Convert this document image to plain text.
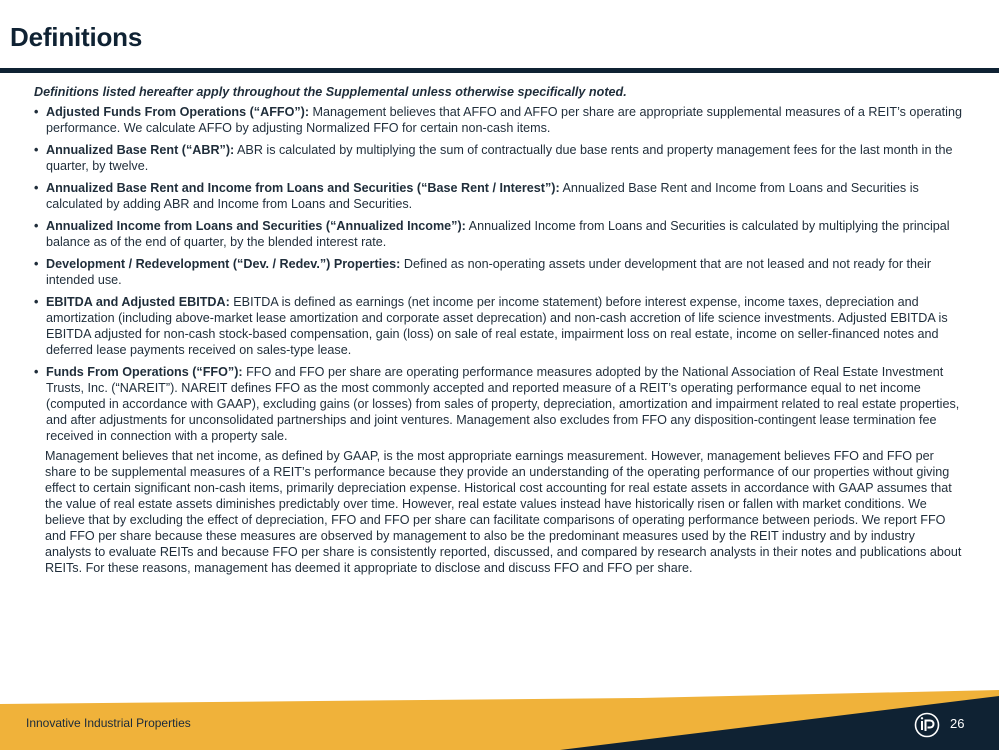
Definitions
Definitions listed hereafter apply throughout the Supplemental unless otherwise specifically noted.
• Adjusted Funds From Operations (“AFFO”): Management believes that AFFO and AFFO per share are appropriate supplemental measures of a REIT’s operating performance. We calculate AFFO by adjusting Normalized FFO for certain non-cash items.
• Annualized Base Rent (“ABR”): ABR is calculated by multiplying the sum of contractually due base rents and property management fees for the last month in the quarter, by twelve.
• Annualized Base Rent and Income from Loans and Securities (“Base Rent / Interest”): Annualized Base Rent and Income from Loans and Securities is calculated by adding ABR and Income from Loans and Securities.
• Annualized Income from Loans and Securities (“Annualized Income”): Annualized Income from Loans and Securities is calculated by multiplying the principal balance as of the end of quarter, by the blended interest rate.
• Development / Redevelopment (“Dev. / Redev.”) Properties: Defined as non-operating assets under development that are not leased and not ready for their intended use.
• EBITDA and Adjusted EBITDA: EBITDA is defined as earnings (net income per income statement) before interest expense, income taxes, depreciation and amortization (including above-market lease amortization and corporate asset deprecation) and non-cash accretion of life science investments. Adjusted EBITDA is EBITDA adjusted for non-cash stock-based compensation, gain (loss) on sale of real estate, impairment loss on real estate, income on seller-financed notes and deferred lease payments received on sales-type lease.
• Funds From Operations (“FFO”): FFO and FFO per share are operating performance measures adopted by the National Association of Real Estate Investment Trusts, Inc. (“NAREIT”). NAREIT defines FFO as the most commonly accepted and reported measure of a REIT’s operating performance equal to net income (computed in accordance with GAAP), excluding gains (or losses) from sales of property, depreciation, amortization and impairment related to real estate properties, and after adjustments for unconsolidated partnerships and joint ventures. Management also excludes from FFO any disposition-contingent lease termination fee received in connection with a property sale.
Management believes that net income, as defined by GAAP, is the most appropriate earnings measurement. However, management believes FFO and FFO per share to be supplemental measures of a REIT’s performance because they provide an understanding of the operating performance of our properties without giving effect to certain significant non-cash items, primarily depreciation expense. Historical cost accounting for real estate assets in accordance with GAAP assumes that the value of real estate assets diminishes predictably over time. However, real estate values instead have historically risen or fallen with market conditions. We believe that by excluding the effect of depreciation, FFO and FFO per share can facilitate comparisons of operating performance between periods. We report FFO and FFO per share because these measures are observed by management to also be the predominant measures used by the REIT industry and by industry analysts to evaluate REITs and because FFO per share is consistently reported, discussed, and compared by research analysts in their notes and publications about REITs. For these reasons, management has deemed it appropriate to disclose and discuss FFO and FFO per share.
Innovative Industrial Properties	26
